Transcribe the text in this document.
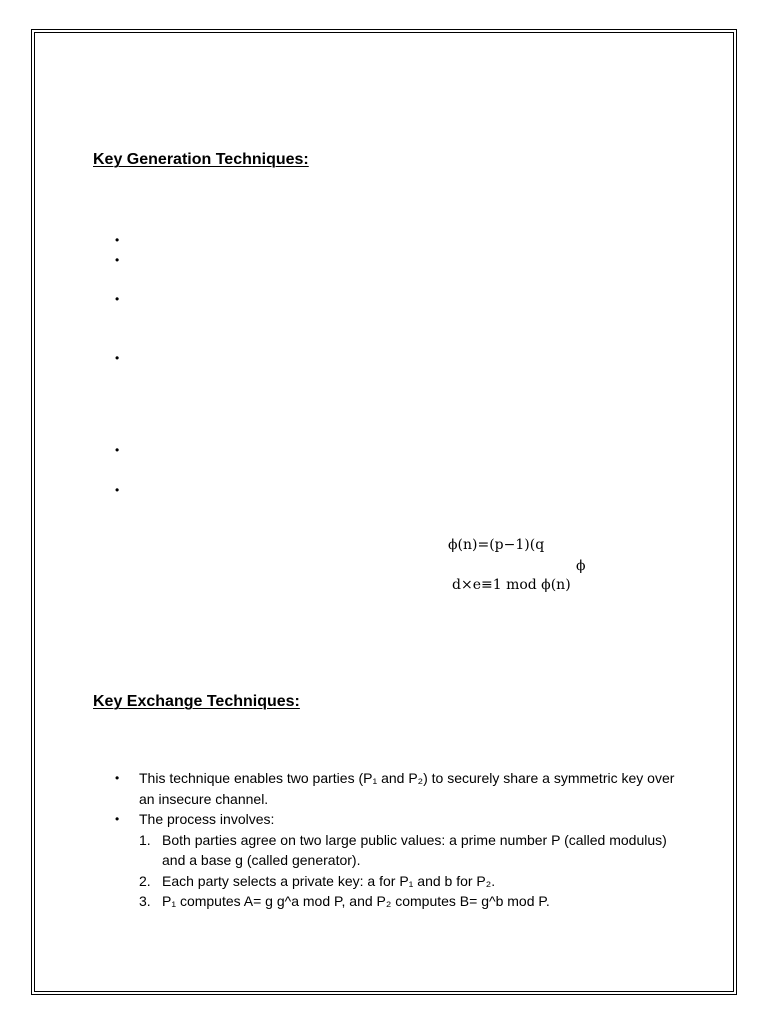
Key Generation Techniques:
•
•
•
•
•
•
ϕ(n)=(p−1)(q
ϕ
d×e≡1 mod ϕ(n)
Key Exchange Techniques:
• This technique enables two parties (P₁ and P₂) to securely share a symmetric key over an insecure channel.
• The process involves:
1. Both parties agree on two large public values: a prime number P (called modulus) and a base g (called generator).
2. Each party selects a private key: a for P₁ and b for P₂.
3. P₁ computes A= g g^a mod P, and P₂ computes B= g^b mod P.
